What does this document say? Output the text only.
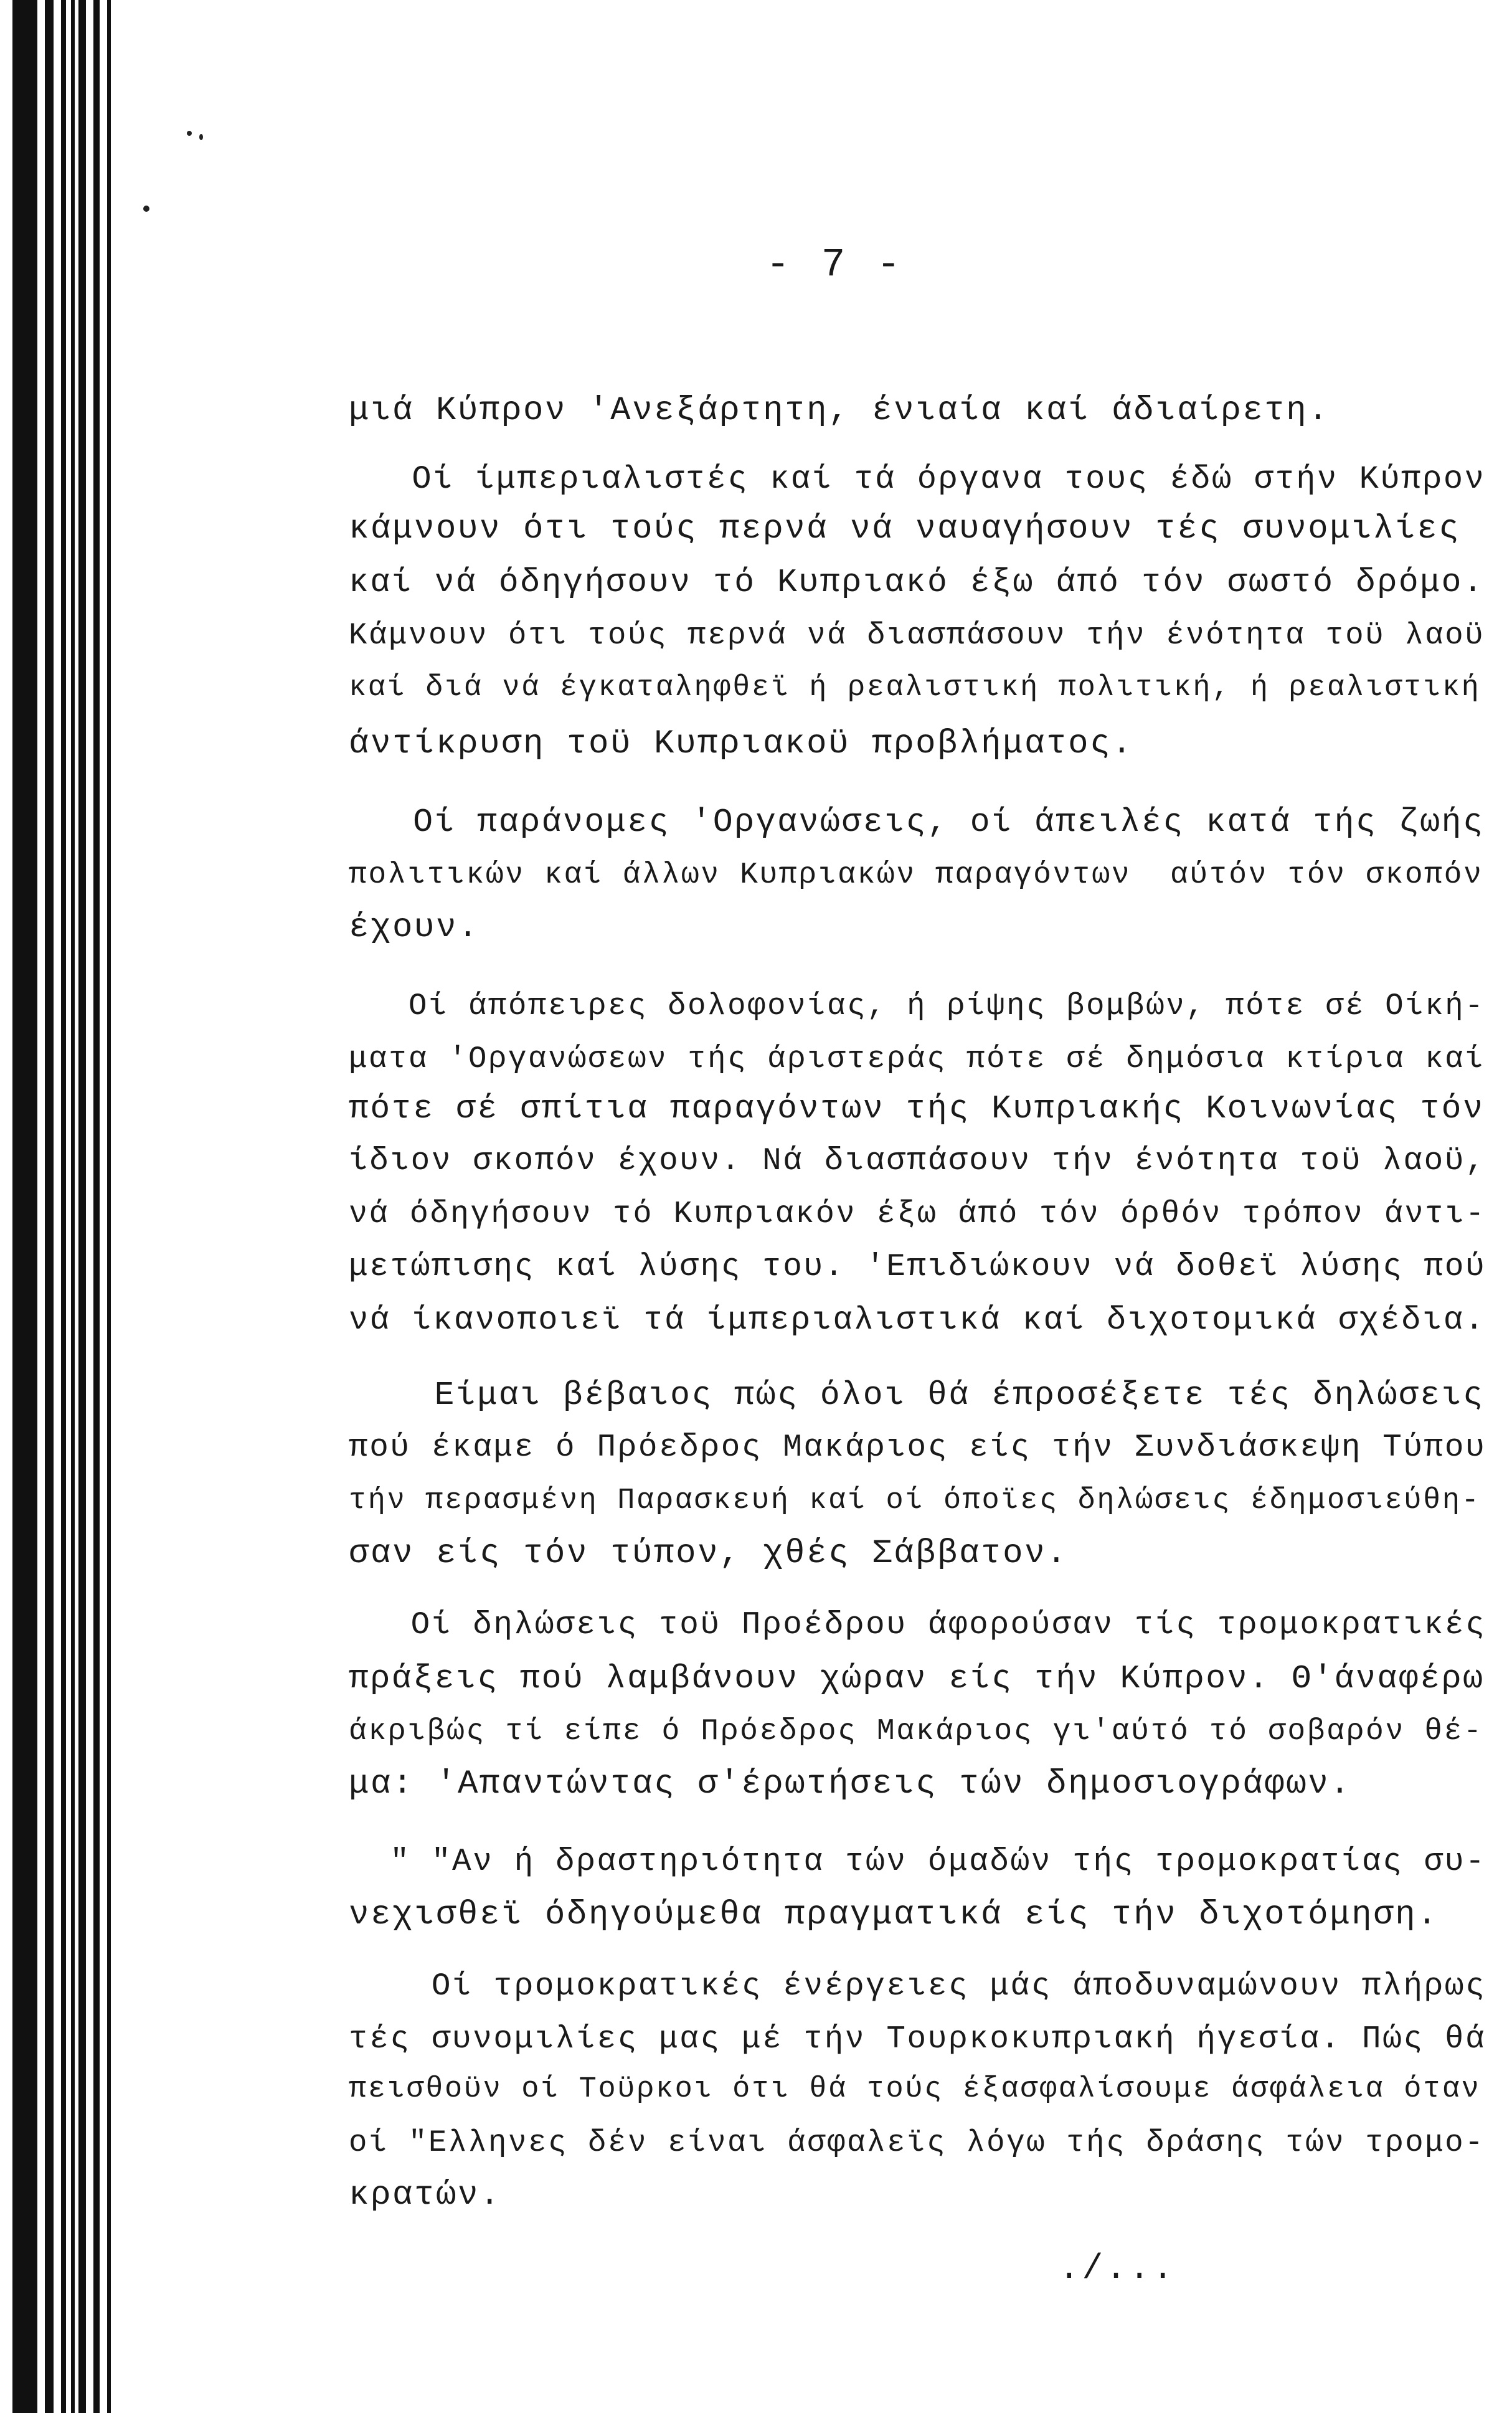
- 7 -
μιά Κύπρον 'Ανεξάρτητη, ένιαία καί άδιαίρετη.
Οί ίμπεριαλιστές καί τά όργανα τους έδώ στήν Κύπρον
κάμνουν ότι τούς περνά νά ναυαγήσουν τές συνομιλίες
καί νά όδηγήσουν τό Κυπριακό έξω άπό τόν σωστό δρόμο.
Κάμνουν ότι τούς περνά νά διασπάσουν τήν ένότητα τοϋ λαοϋ
καί διά νά έγκαταληφθεϊ ή ρεαλιστική πολιτική, ή ρεαλιστική
άντίκρυση τοϋ Κυπριακοϋ προβλήματος.
Οί παράνομες 'Οργανώσεις, οί άπειλές κατά τής ζωής
πολιτικών καί άλλων Κυπριακών παραγόντων  αύτόν τόν σκοπόν
έχουν.
Οί άπόπειρες δολοφονίας, ή ρίψης βομβών, πότε σέ Οίκή-
ματα 'Οργανώσεων τής άριστεράς πότε σέ δημόσια κτίρια καί
πότε σέ σπίτια παραγόντων τής Κυπριακής Κοινωνίας τόν
ίδιον σκοπόν έχουν. Νά διασπάσουν τήν ένότητα τοϋ λαοϋ,
νά όδηγήσουν τό Κυπριακόν έξω άπό τόν όρθόν τρόπον άντι-
μετώπισης καί λύσης του. 'Επιδιώκουν νά δοθεϊ λύσης πού
νά ίκανοποιεϊ τά ίμπεριαλιστικά καί διχοτομικά σχέδια.
Είμαι βέβαιος πώς όλοι θά έπροσέξετε τές δηλώσεις
πού έκαμε ό Πρόεδρος Μακάριος είς τήν Συνδιάσκεψη Τύπου
τήν περασμένη Παρασκευή καί οί όποϊες δηλώσεις έδημοσιεύθη-
σαν είς τόν τύπον, χθές Σάββατον.
Οί δηλώσεις τοϋ Προέδρου άφορούσαν τίς τρομοκρατικές
πράξεις πού λαμβάνουν χώραν είς τήν Κύπρον. Θ'άναφέρω
άκριβώς τί είπε ό Πρόεδρος Μακάριος γι'αύτό τό σοβαρόν θέ-
μα: 'Απαντώντας σ'έρωτήσεις τών δημοσιογράφων.
" "Αν ή δραστηριότητα τών όμαδών τής τρομοκρατίας συ-
νεχισθεϊ όδηγούμεθα πραγματικά είς τήν διχοτόμηση.
Οί τρομοκρατικές ένέργειες μάς άποδυναμώνουν πλήρως
τές συνομιλίες μας μέ τήν Τουρκοκυπριακή ήγεσία. Πώς θά
πεισθοϋν οί Τοϋρκοι ότι θά τούς έξασφαλίσουμε άσφάλεια όταν
οί "Ελληνες δέν είναι άσφαλεϊς λόγω τής δράσης τών τρομο-
κρατών.
./...
